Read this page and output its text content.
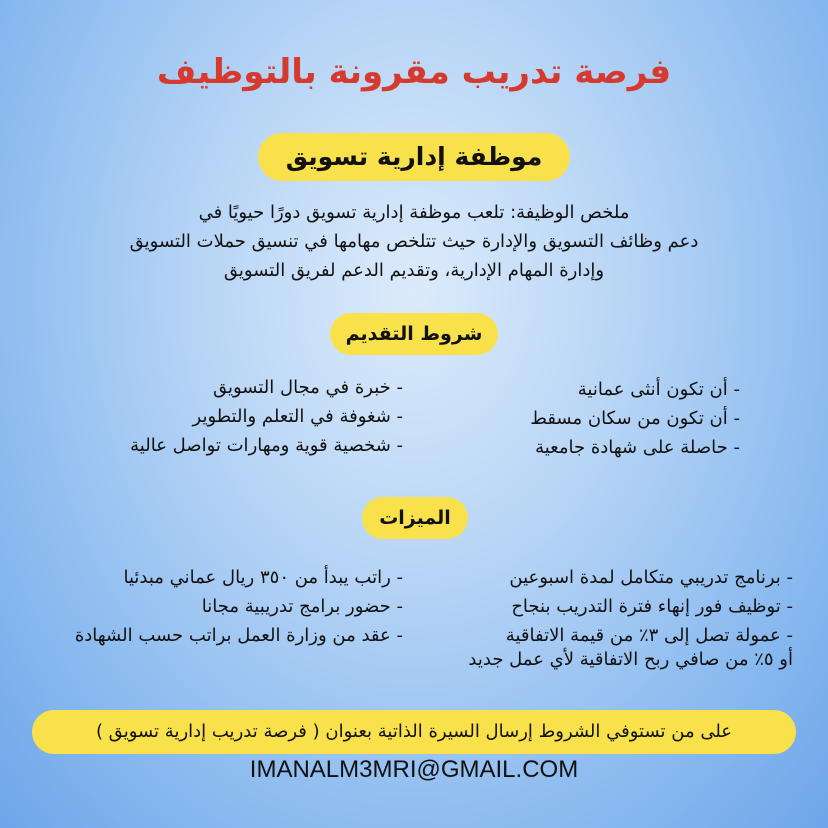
فرصة تدريب مقرونة بالتوظيف
موظفة إدارية تسويق
ملخص الوظيفة: تلعب موظفة إدارية تسويق دورًا حيويًا في
دعم وظائف التسويق والإدارة حيث تتلخص مهامها في تنسيق حملات التسويق
وإدارة المهام الإدارية، وتقديم الدعم لفريق التسويق
شروط التقديم
- أن تكون أنثى عمانية
- أن تكون من سكان مسقط
- حاصلة على شهادة جامعية
- خبرة في مجال التسويق
- شغوفة في التعلم والتطوير
- شخصية قوية ومهارات تواصل عالية
الميزات
- برنامج تدريبي متكامل لمدة اسبوعين
- توظيف فور إنهاء فترة التدريب بنجاح
- عمولة تصل إلى ٣٪ من قيمة الاتفاقية
- راتب يبدأ من ٣٥٠ ريال عماني مبدئيا
- حضور برامج تدريبية مجانا
- عقد من وزارة العمل براتب حسب الشهادة
أو ٥٪ من صافي ربح الاتفاقية لأي عمل جديد
على من تستوفي الشروط إرسال السيرة الذاتية بعنوان ( فرصة تدريب إدارية تسويق )
IMANALM3MRI@GMAIL.COM
